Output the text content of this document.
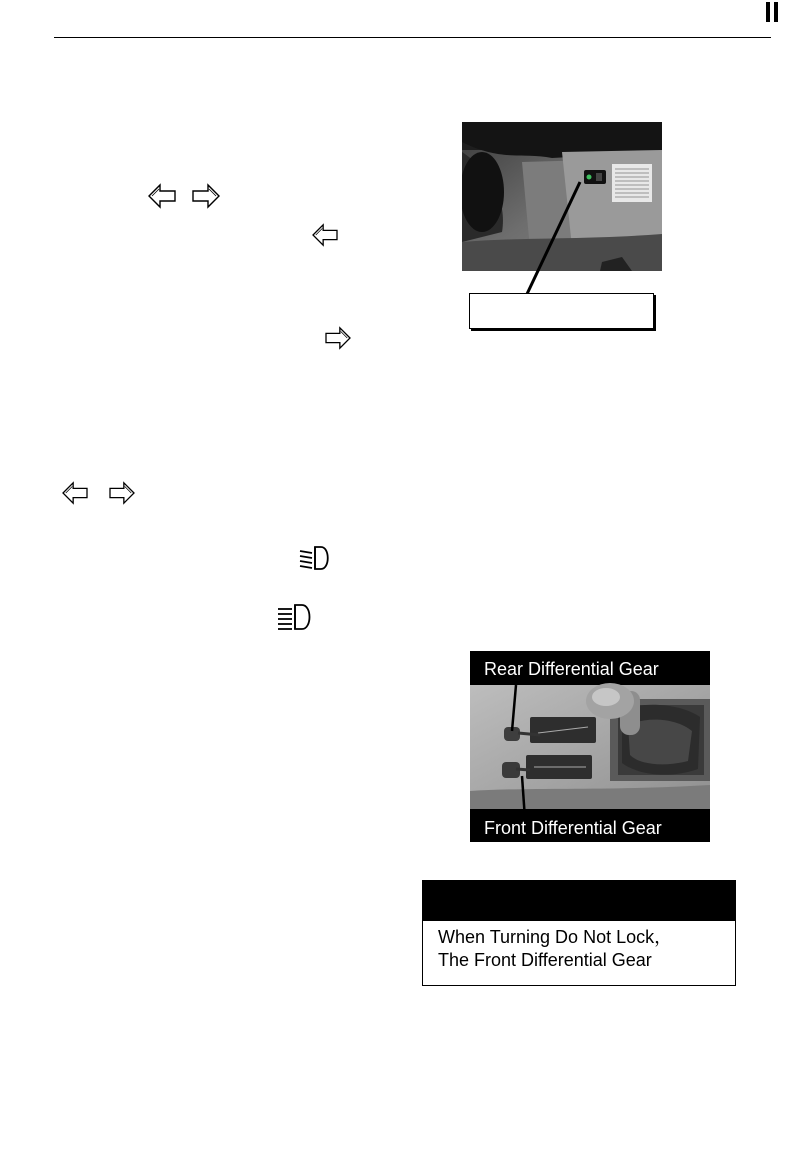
Rear Differential Gear
Front Differential Gear
When Turning Do Not Lock，
The Front Differential Gear
